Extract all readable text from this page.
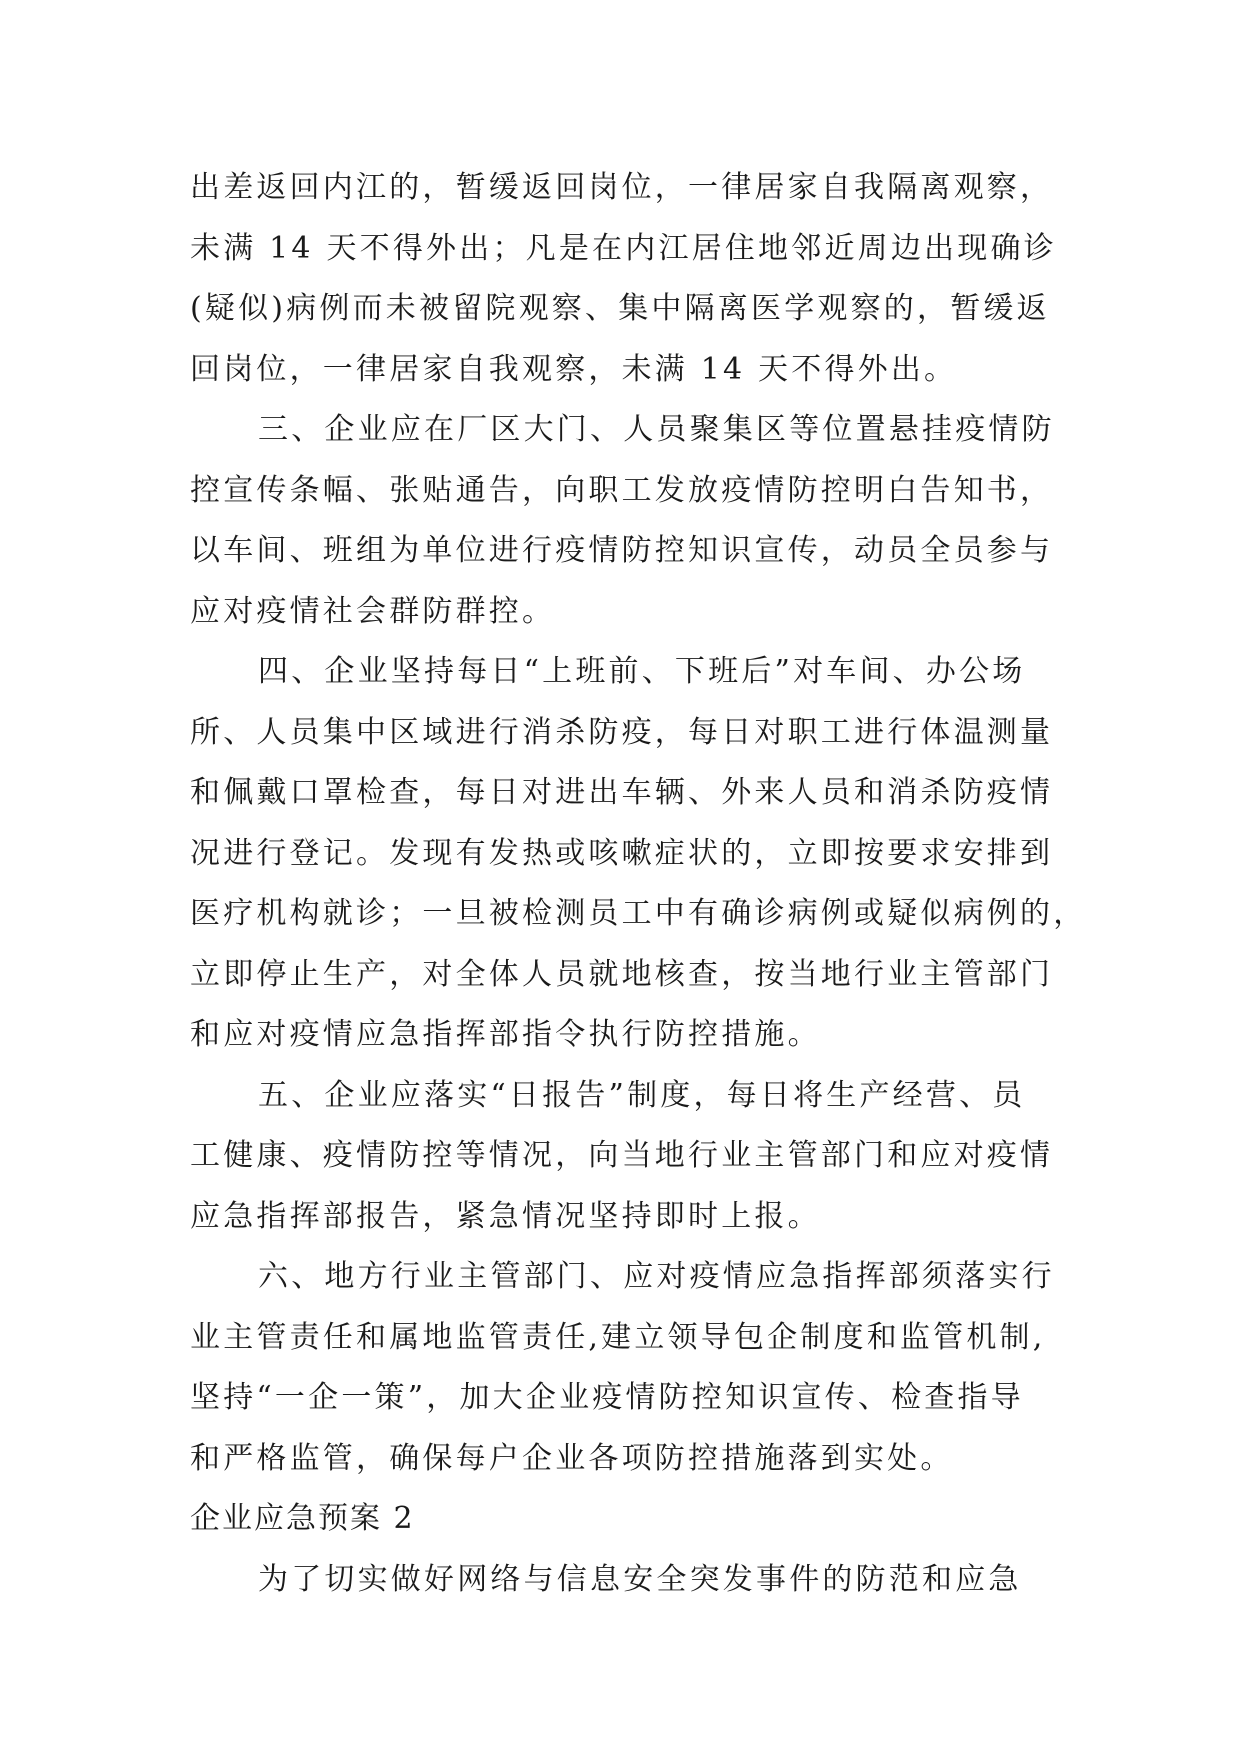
出差返回内江的，暂缓返回岗位，一律居家自我隔离观察，
未满 14 天不得外出；凡是在内江居住地邻近周边出现确诊
(疑似)病例而未被留院观察、集中隔离医学观察的，暂缓返
回岗位，一律居家自我观察，未满 14 天不得外出。
三、企业应在厂区大门、人员聚集区等位置悬挂疫情防
控宣传条幅、张贴通告，向职工发放疫情防控明白告知书，
以车间、班组为单位进行疫情防控知识宣传，动员全员参与
应对疫情社会群防群控。
四、企业坚持每日“上班前、下班后”对车间、办公场
所、人员集中区域进行消杀防疫，每日对职工进行体温测量
和佩戴口罩检查，每日对进出车辆、外来人员和消杀防疫情
况进行登记。发现有发热或咳嗽症状的，立即按要求安排到
医疗机构就诊；一旦被检测员工中有确诊病例或疑似病例的，
立即停止生产，对全体人员就地核查，按当地行业主管部门
和应对疫情应急指挥部指令执行防控措施。
五、企业应落实“日报告”制度，每日将生产经营、员
工健康、疫情防控等情况，向当地行业主管部门和应对疫情
应急指挥部报告，紧急情况坚持即时上报。
六、地方行业主管部门、应对疫情应急指挥部须落实行
业主管责任和属地监管责任,建立领导包企制度和监管机制,
坚持“一企一策”，加大企业疫情防控知识宣传、检查指导
和严格监管，确保每户企业各项防控措施落到实处。
企业应急预案 2
为了切实做好网络与信息安全突发事件的防范和应急
